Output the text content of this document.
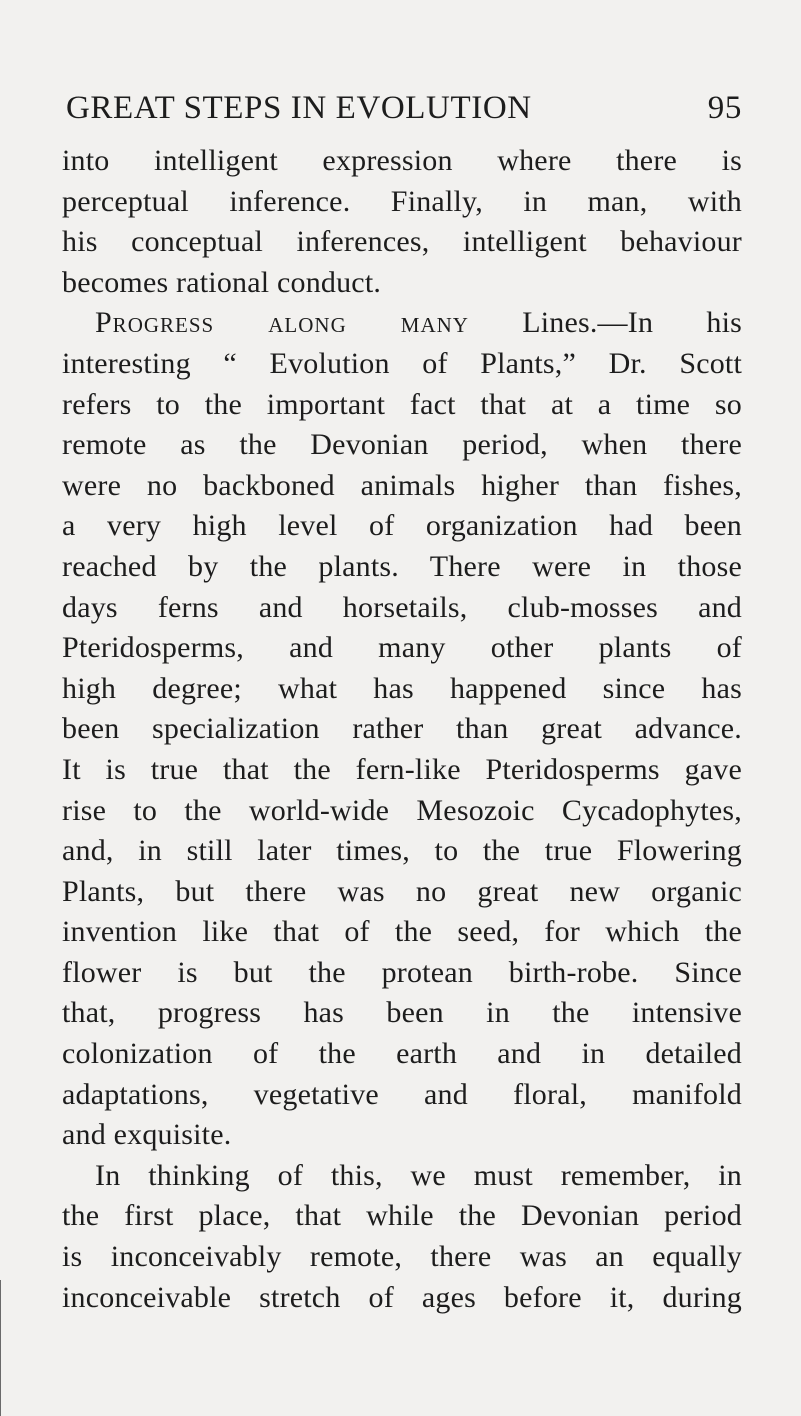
GREAT STEPS IN EVOLUTION	95
into intelligent expression where there is
perceptual inference. Finally, in man, with
his conceptual inferences, intelligent behaviour
becomes rational conduct.
Progress along many Lines.—In his
interesting “ Evolution of Plants,” Dr. Scott
refers to the important fact that at a time so
remote as the Devonian period, when there
were no backboned animals higher than fishes,
a very high level of organization had been
reached by the plants. There were in those
days ferns and horsetails, club-mosses and
Pteridosperms, and many other plants of
high degree; what has happened since has
been specialization rather than great advance.
It is true that the fern-like Pteridosperms gave
rise to the world-wide Mesozoic Cycadophytes,
and, in still later times, to the true Flowering
Plants, but there was no great new organic
invention like that of the seed, for which the
flower is but the protean birth-robe. Since
that, progress has been in the intensive
colonization of the earth and in detailed
adaptations, vegetative and floral, manifold
and exquisite.
In thinking of this, we must remember, in
the first place, that while the Devonian period
is inconceivably remote, there was an equally
inconceivable stretch of ages before it, during
